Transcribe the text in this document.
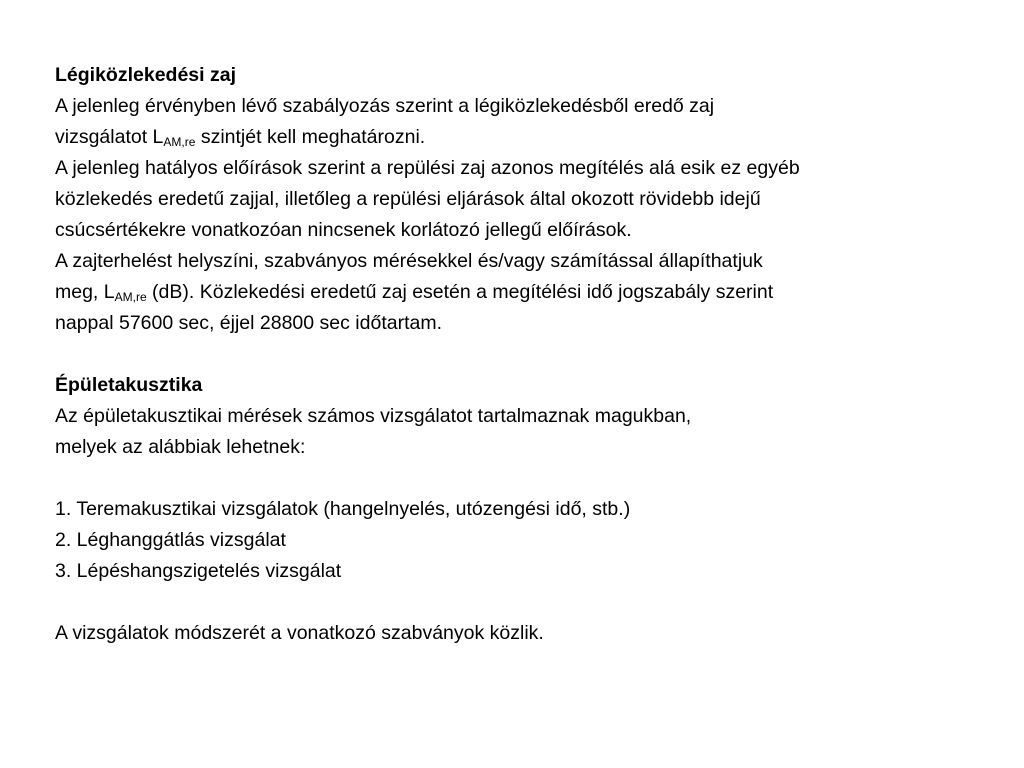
Légiközlekedési zaj
A jelenleg érvényben lévő szabályozás szerint a légiközlekedésből eredő zaj
vizsgálatot $L_{AM,re}$ szintjét kell meghatározni.
A jelenleg hatályos előírások szerint a repülési zaj azonos megítélés alá esik ez egyéb
közlekedés eredetű zajjal, illetőleg a repülési eljárások által okozott rövidebb idejű
csúcsértékekre vonatkozóan nincsenek korlátozó jellegű előírások.
A zajterhelést helyszíni, szabványos mérésekkel és/vagy számítással állapíthatjuk
meg, $L_{AM,re}$ (dB). Közlekedési eredetű zaj esetén a megítélési idő jogszabály szerint
nappal 57600 sec, éjjel 28800 sec időtartam.
Épületakusztika
Az épületakusztikai mérések számos vizsgálatot tartalmaznak magukban,
melyek az alábbiak lehetnek:
1. Teremakusztikai vizsgálatok (hangelnyelés, utózengési idő, stb.)
2. Léghanggátlás vizsgálat
3. Lépéshangszigetelés vizsgálat
A vizsgálatok módszerét a vonatkozó szabványok közlik.
